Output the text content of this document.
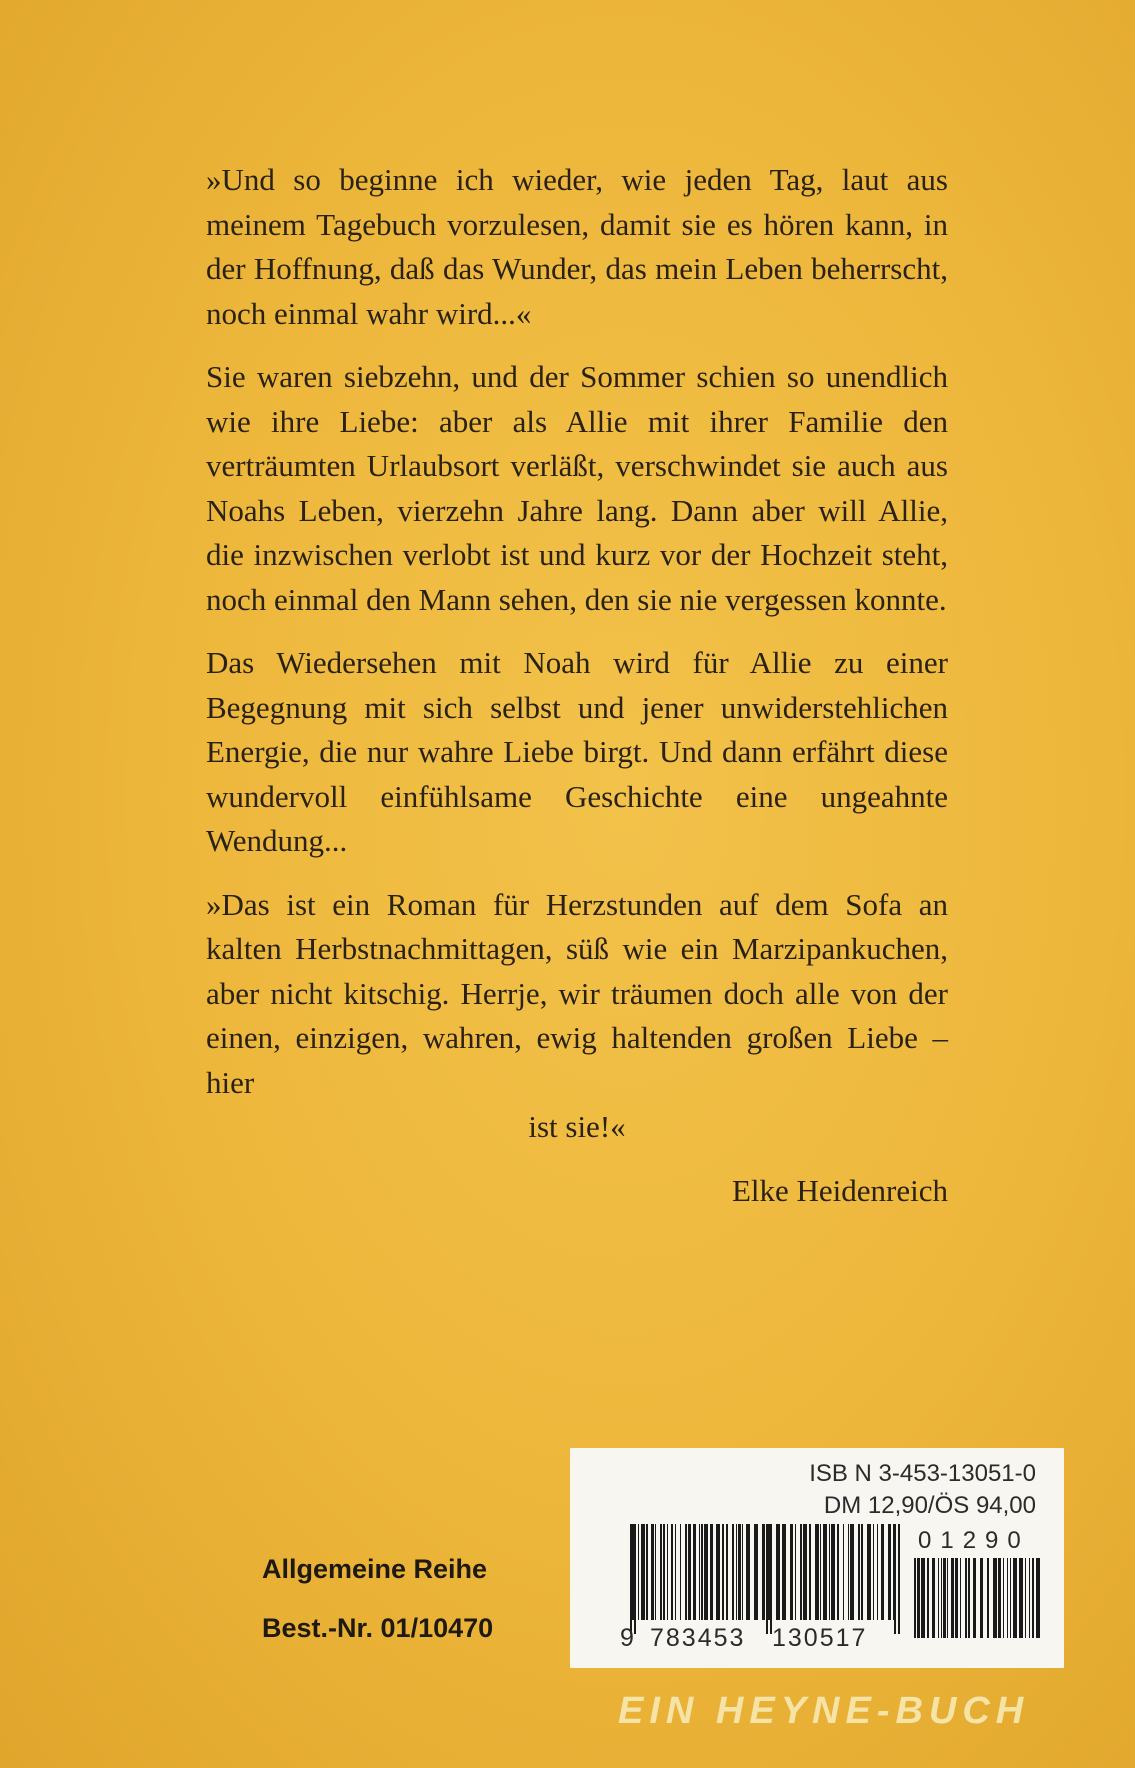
»Und so beginne ich wieder, wie jeden Tag, laut aus meinem Tagebuch vorzulesen, damit sie es hören kann, in der Hoffnung, daß das Wunder, das mein Leben beherrscht, noch einmal wahr wird...«

Sie waren siebzehn, und der Sommer schien so unendlich wie ihre Liebe: aber als Allie mit ihrer Familie den verträumten Urlaubsort verläßt, verschwindet sie auch aus Noahs Leben, vierzehn Jahre lang. Dann aber will Allie, die inzwischen verlobt ist und kurz vor der Hochzeit steht, noch einmal den Mann sehen, den sie nie vergessen konnte.

Das Wiedersehen mit Noah wird für Allie zu einer Begegnung mit sich selbst und jener unwiderstehlichen Energie, die nur wahre Liebe birgt. Und dann erfährt diese wundervoll einfühlsame Geschichte eine ungeahnte Wendung...

»Das ist ein Roman für Herzstunden auf dem Sofa an kalten Herbstnachmittagen, süß wie ein Marzipankuchen, aber nicht kitschig. Herrje, wir träumen doch alle von der einen, einzigen, wahren, ewig haltenden großen Liebe – hier

ist sie!«

Elke Heidenreich

Allgemeine Reihe
Best.-Nr. 01/10470
ISB N 3-453-13051-0
DM 12,90/ÖS 94,00
9 783453 130517
01290
EIN HEYNE-BUCH
